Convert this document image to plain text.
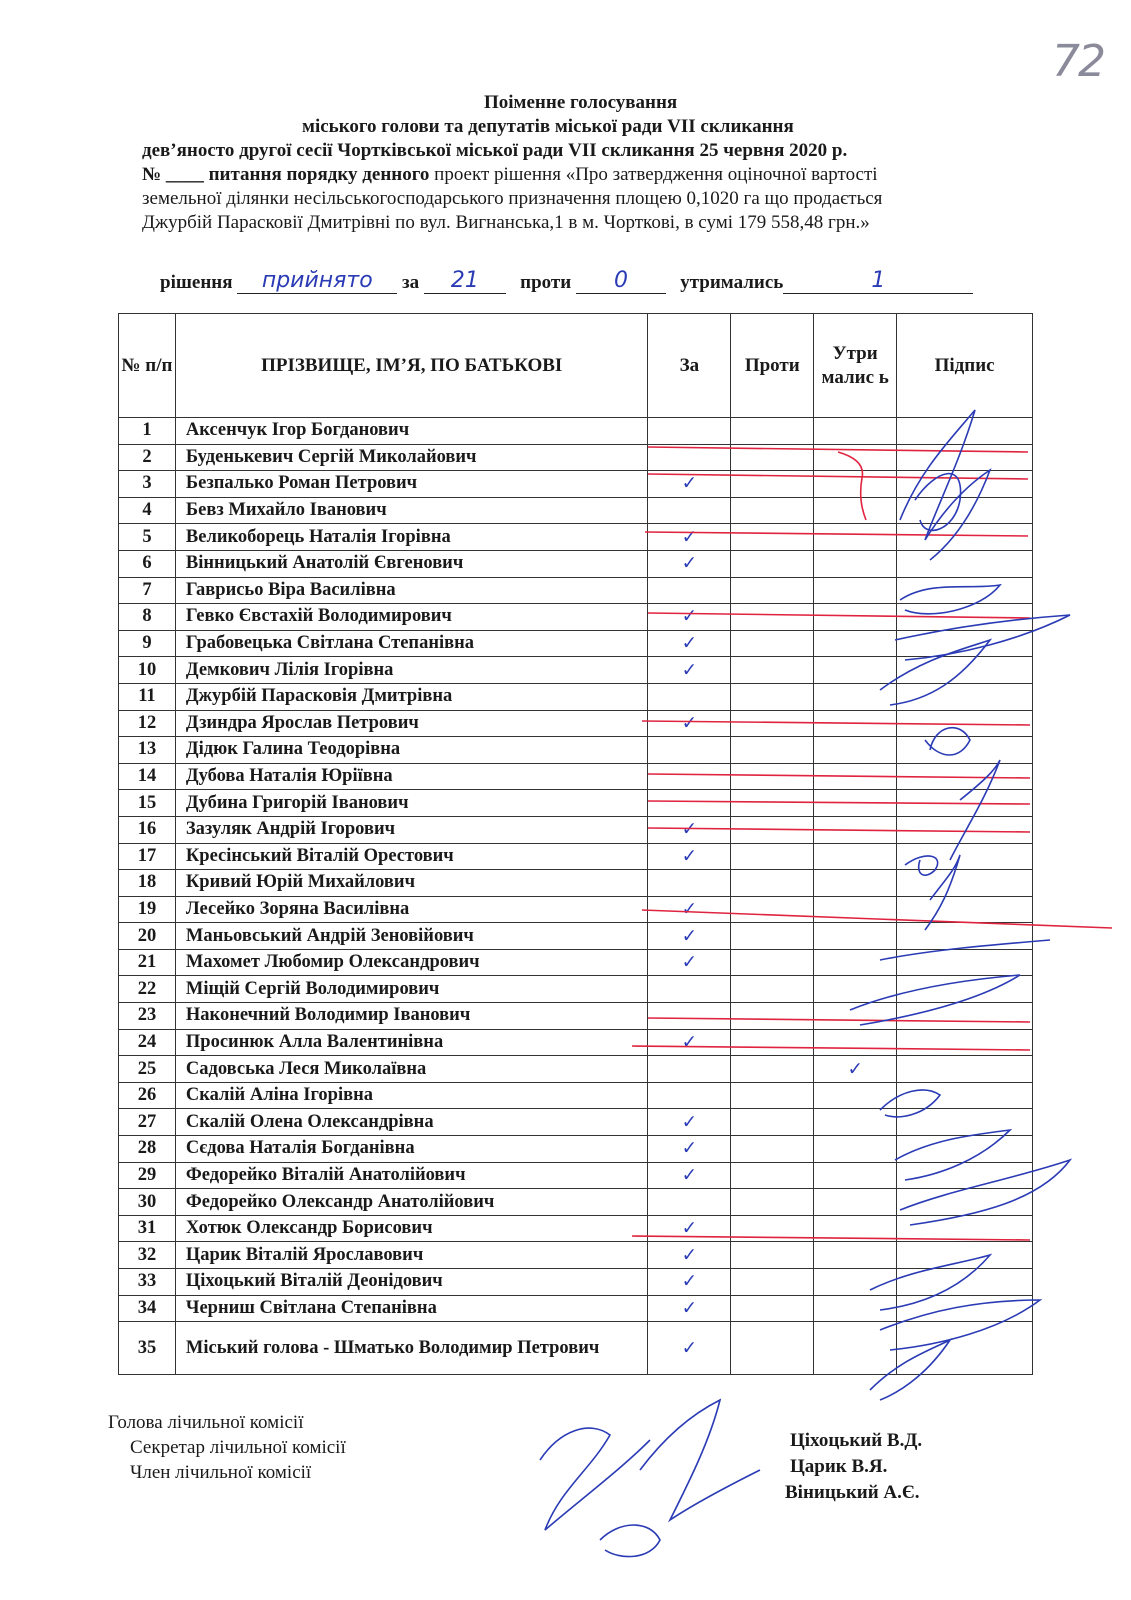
72
Поіменне голосування
міського голови та депутатів міської ради VII скликання
дев’яносто другої сесії Чортківської міської ради VII скликання 25 червня 2020 р.
№ ____ питання порядку денного проект рішення «Про затвердження оціночної вартості
земельної ділянки несільськогосподарського призначення площею 0,1020 га що продається
Джурбій Парасковії Дмитрівні по вул. Вигнанська,1 в м. Чорткові, в сумі 179 558,48 грн.»
рішення прийнято за 21 проти 0	утримались	1
№ п/п	ПРІЗВИЩЕ, ІМ’Я, ПО БАТЬКОВІ	За	Проти	Утри малис ь	Підпис
1	Аксенчук Ігор Богданович				
2	Буденькевич Сергій Миколайович				
3	Безпалько Роман Петрович	✓			
4	Бевз Михайло Іванович				
5	Великоборець Наталія Ігорівна	✓			
6	Вінницький Анатолій Євгенович	✓			
7	Гаврисьо Віра Василівна				
8	Гевко Євстахій Володимирович	✓			
9	Грабовецька Світлана Степанівна	✓			
10	Демкович Лілія Ігорівна	✓			
11	Джурбій Парасковія Дмитрівна				
12	Дзиндра Ярослав Петрович	✓			
13	Дідюк Галина Теодорівна				
14	Дубова Наталія Юріївна				
15	Дубина Григорій Іванович				
16	Зазуляк Андрій Ігорович	✓			
17	Кресінський Віталій Орестович	✓			
18	Кривий Юрій Михайлович				
19	Лесейко Зоряна Василівна	✓			
20	Маньовський Андрій Зеновійович	✓			
21	Махомет Любомир Олександрович	✓			
22	Міщій Сергій Володимирович				
23	Наконечний Володимир Іванович				
24	Просинюк Алла Валентинівна	✓			
25	Садовська Леся Миколаївна			✓	
26	Скалій Аліна Ігорівна				
27	Скалій Олена Олександрівна	✓			
28	Сєдова Наталія Богданівна	✓			
29	Федорейко Віталій Анатолійович	✓			
30	Федорейко Олександр Анатолійович				
31	Хотюк Олександр Борисович	✓			
32	Царик Віталій Ярославович	✓			
33	Ціхоцький Віталій Деонідович	✓			
34	Черниш Світлана Степанівна	✓			
35	Міський голова - Шматько Володимир Петрович	✓			
Голова лічильної комісії
Секретар лічильної комісії
Член лічильної комісії
Ціхоцький В.Д.
Царик В.Я.
Віницький А.Є.
